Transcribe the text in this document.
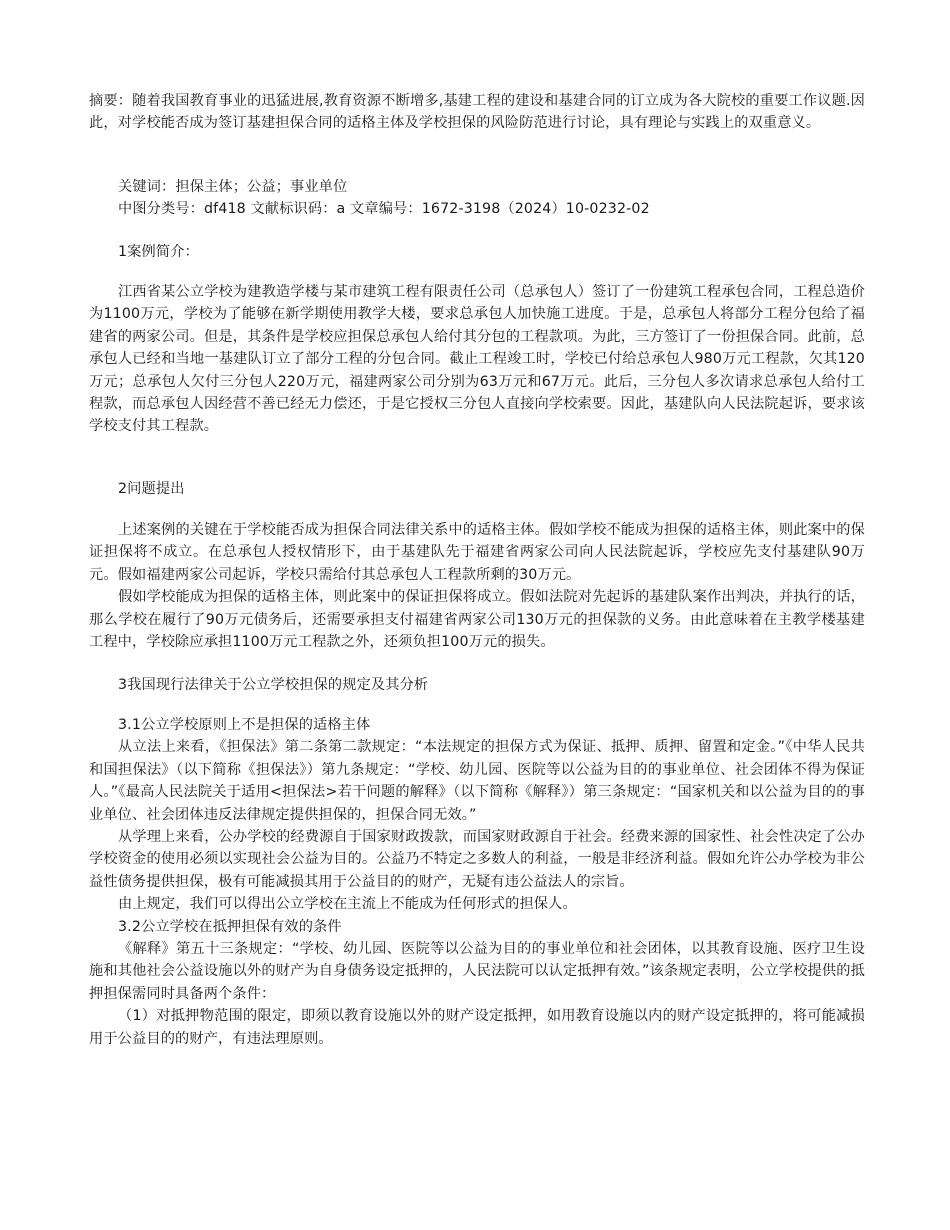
摘要：随着我国教育事业的迅猛进展,教育资源不断增多,基建工程的建设和基建合同的订立成为各大院校的重要工作议题.因此，对学校能否成为签订基建担保合同的适格主体及学校担保的风险防范进行讨论，具有理论与实践上的双重意义。

关键词：担保主体；公益；事业单位

中图分类号：df418 文献标识码：a 文章编号：1672-3198（2024）10-0232-02

1案例简介：

江西省某公立学校为建教造学楼与某市建筑工程有限责任公司（总承包人）签订了一份建筑工程承包合同，工程总造价为1100万元，学校为了能够在新学期使用教学大楼，要求总承包人加快施工进度。于是，总承包人将部分工程分包给了福建省的两家公司。但是，其条件是学校应担保总承包人给付其分包的工程款项。为此，三方签订了一份担保合同。此前，总承包人已经和当地一基建队订立了部分工程的分包合同。截止工程竣工时，学校已付给总承包人980万元工程款，欠其120万元；总承包人欠付三分包人220万元，福建两家公司分别为63万元和67万元。此后，三分包人多次请求总承包人给付工程款，而总承包人因经营不善已经无力偿还，于是它授权三分包人直接向学校索要。因此，基建队向人民法院起诉，要求该学校支付其工程款。

2问题提出

上述案例的关键在于学校能否成为担保合同法律关系中的适格主体。假如学校不能成为担保的适格主体，则此案中的保证担保将不成立。在总承包人授权情形下，由于基建队先于福建省两家公司向人民法院起诉，学校应先支付基建队90万元。假如福建两家公司起诉，学校只需给付其总承包人工程款所剩的30万元。

假如学校能成为担保的适格主体，则此案中的保证担保将成立。假如法院对先起诉的基建队案作出判决，并执行的话，那么学校在履行了90万元债务后，还需要承担支付福建省两家公司130万元的担保款的义务。由此意味着在主教学楼基建工程中，学校除应承担1100万元工程款之外，还须负担100万元的损失。

3我国现行法律关于公立学校担保的规定及其分析

3.1公立学校原则上不是担保的适格主体

从立法上来看，《担保法》第二条第二款规定：“本法规定的担保方式为保证、抵押、质押、留置和定金。”《中华人民共和国担保法》（以下简称《担保法》）第九条规定：“学校、幼儿园、医院等以公益为目的的事业单位、社会团体不得为保证人。”《最高人民法院关于适用<担保法>若干问题的解释》（以下简称《解释》）第三条规定：“国家机关和以公益为目的的事业单位、社会团体违反法律规定提供担保的，担保合同无效。”

从学理上来看，公办学校的经费源自于国家财政拨款，而国家财政源自于社会。经费来源的国家性、社会性决定了公办学校资金的使用必须以实现社会公益为目的。公益乃不特定之多数人的利益，一般是非经济利益。假如允许公办学校为非公益性债务提供担保，极有可能减损其用于公益目的的财产，无疑有违公益法人的宗旨。

由上规定，我们可以得出公立学校在主流上不能成为任何形式的担保人。

3.2公立学校在抵押担保有效的条件

《解释》第五十三条规定：“学校、幼儿园、医院等以公益为目的的事业单位和社会团体，以其教育设施、医疗卫生设施和其他社会公益设施以外的财产为自身债务设定抵押的，人民法院可以认定抵押有效。”该条规定表明，公立学校提供的抵押担保需同时具备两个条件：

（1）对抵押物范围的限定，即须以教育设施以外的财产设定抵押，如用教育设施以内的财产设定抵押的，将可能减损用于公益目的的财产，有违法理原则。
